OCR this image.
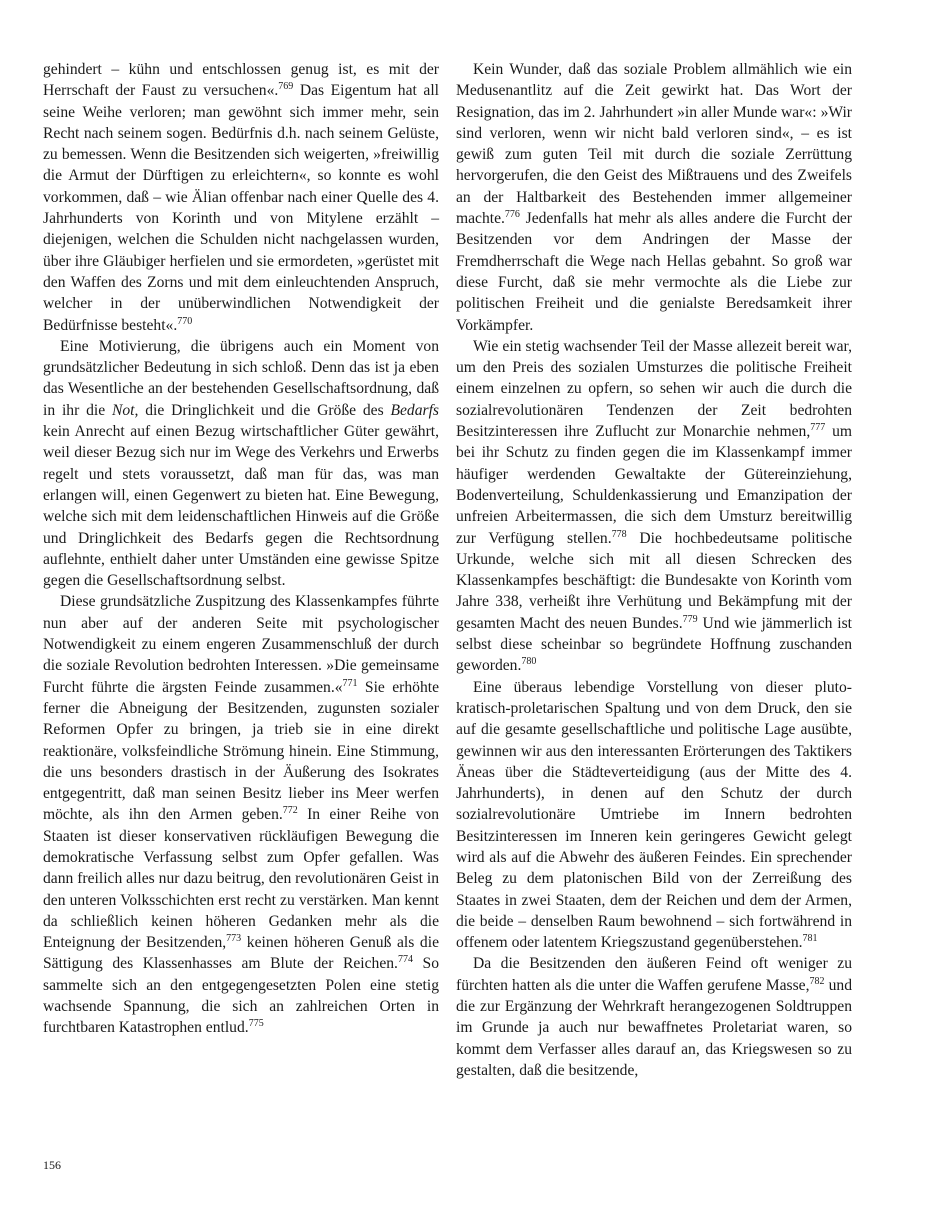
gehindert – kühn und entschlossen genug ist, es mit der Herrschaft der Faust zu versuchen«.$^{769}$ Das Eigentum hat all seine Weihe verloren; man gewöhnt sich immer mehr, sein Recht nach seinem sogen. Bedürfnis d.h. nach seinem Gelüste, zu bemessen. Wenn die Besitzenden sich weigerten, »freiwillig die Armut der Dürftigen zu erleichtern«, so konnte es wohl vorkommen, daß – wie Älian offenbar nach einer Quelle des 4. Jahrhunderts von Korinth und von Mitylene erzählt – diejenigen, welchen die Schulden nicht nachgelassen wurden, über ihre Gläubiger herfielen und sie ermordeten, »gerüstet mit den Waffen des Zorns und mit dem einleuchtenden Anspruch, welcher in der unüberwindlichen Notwendigkeit der Bedürfnisse besteht«.$^{770}$

Eine Motivierung, die übrigens auch ein Moment von grundsätzlicher Bedeutung in sich schloß. Denn das ist ja eben das Wesentliche an der bestehenden Gesellschaftsordnung, daß in ihr die Not, die Dringlichkeit und die Größe des Bedarfs kein Anrecht auf einen Bezug wirtschaftlicher Güter gewährt, weil dieser Bezug sich nur im Wege des Verkehrs und Erwerbs regelt und stets voraussetzt, daß man für das, was man erlangen will, einen Gegenwert zu bieten hat. Eine Bewegung, welche sich mit dem leidenschaftlichen Hinweis auf die Größe und Dringlichkeit des Bedarfs gegen die Rechtsordnung auflehnte, enthielt daher unter Umständen eine gewisse Spitze gegen die Gesellschaftsordnung selbst.

Diese grundsätzliche Zuspitzung des Klassenkampfes führte nun aber auf der anderen Seite mit psychologischer Notwendigkeit zu einem engeren Zusammenschluß der durch die soziale Revolution bedrohten Interessen. »Die gemeinsame Furcht führte die ärgsten Feinde zusammen.«$^{771}$ Sie erhöhte ferner die Abneigung der Besitzenden, zugunsten sozialer Reformen Opfer zu bringen, ja trieb sie in eine direkt reaktionäre, volksfeindliche Strömung hinein. Eine Stimmung, die uns besonders drastisch in der Äußerung des Isokrates entgegentritt, daß man seinen Besitz lieber ins Meer werfen möchte, als ihn den Armen geben.$^{772}$ In einer Reihe von Staaten ist dieser konservativen rückläufigen Bewegung die demokratische Verfassung selbst zum Opfer gefallen. Was dann freilich alles nur dazu beitrug, den revolutionären Geist in den unteren Volksschichten erst recht zu verstärken. Man kennt da schließlich keinen höheren Gedanken mehr als die Enteignung der Besitzenden,$^{773}$ keinen höheren Genuß als die Sättigung des Klassenhasses am Blute der Reichen.$^{774}$ So sammelte sich an den entgegengesetzten Polen eine stetig wachsende Spannung, die sich an zahlreichen Orten in furchtbaren Katastrophen entlud.$^{775}$

Kein Wunder, daß das soziale Problem allmählich wie ein Medusenantlitz auf die Zeit gewirkt hat. Das Wort der Resignation, das im 2. Jahrhundert »in aller Munde war«: »Wir sind verloren, wenn wir nicht bald verloren sind«, – es ist gewiß zum guten Teil mit durch die soziale Zerrüttung hervorgerufen, die den Geist des Mißtrauens und des Zweifels an der Haltbarkeit des Bestehenden immer allgemeiner machte.$^{776}$ Jedenfalls hat mehr als alles andere die Furcht der Besitzenden vor dem Andringen der Masse der Fremdherrschaft die Wege nach Hellas gebahnt. So groß war diese Furcht, daß sie mehr vermochte als die Liebe zur politischen Freiheit und die genialste Beredsamkeit ihrer Vorkämpfer.

Wie ein stetig wachsender Teil der Masse allezeit bereit war, um den Preis des sozialen Umsturzes die politische Freiheit einem einzelnen zu opfern, so sehen wir auch die durch die sozialrevolutionären Tendenzen der Zeit bedrohten Besitzinteressen ihre Zuflucht zur Monarchie nehmen,$^{777}$ um bei ihr Schutz zu finden gegen die im Klassenkampf immer häufiger werdenden Gewaltakte der Gütereinziehung, Bodenverteilung, Schuldenkassierung und Emanzipation der unfreien Arbeitermassen, die sich dem Umsturz bereitwillig zur Verfügung stellen.$^{778}$ Die hochbedeutsame politische Urkunde, welche sich mit all diesen Schrecken des Klassenkampfes beschäftigt: die Bundesakte von Korinth vom Jahre 338, verheißt ihre Verhütung und Bekämpfung mit der gesamten Macht des neuen Bundes.$^{779}$ Und wie jämmerlich ist selbst diese scheinbar so begründete Hoffnung zuschanden geworden.$^{780}$

Eine überaus lebendige Vorstellung von dieser plutokratisch-proletarischen Spaltung und von dem Druck, den sie auf die gesamte gesellschaftliche und politische Lage ausübte, gewinnen wir aus den interessanten Erörterungen des Taktikers Äneas über die Städteverteidigung (aus der Mitte des 4. Jahrhunderts), in denen auf den Schutz der durch sozialrevolutionäre Umtriebe im Innern bedrohten Besitzinteressen im Inneren kein geringeres Gewicht gelegt wird als auf die Abwehr des äußeren Feindes. Ein sprechender Beleg zu dem platonischen Bild von der Zerreißung des Staates in zwei Staaten, dem der Reichen und dem der Armen, die beide – denselben Raum bewohnend – sich fortwährend in offenem oder latentem Kriegszustand gegenüberstehen.$^{781}$

Da die Besitzenden den äußeren Feind oft weniger zu fürchten hatten als die unter die Waffen gerufene Masse,$^{782}$ und die zur Ergänzung der Wehrkraft herangezogenen Soldtruppen im Grunde ja auch nur bewaffnetes Proletariat waren, so kommt dem Verfasser alles darauf an, das Kriegswesen so zu gestalten, daß die besitzende,

156
